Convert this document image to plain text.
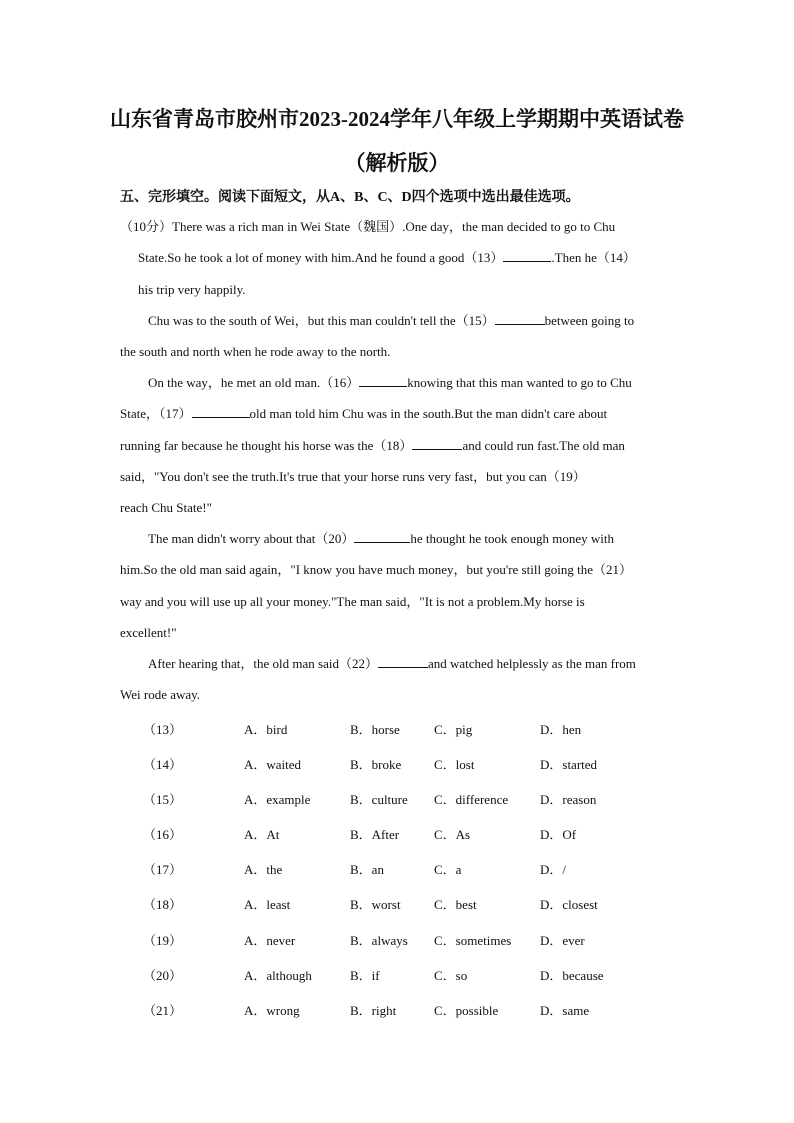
山东省青岛市胶州市2023-2024学年八年级上学期期中英语试卷
（解析版）
五、完形填空。阅读下面短文，从A、B、C、D四个选项中选出最佳选项。
（10分）There was a rich man in Wei State（魏国）.One day，the man decided to go to Chu
State.So he took a lot of money with him.And he found a good（13）	.Then he（14）
his trip very happily.
Chu was to the south of Wei，but this man couldn't tell the（15）	between going to
the south and north when he rode away to the north.
On the way，he met an old man.（16）	knowing that this man wanted to go to Chu
State，（17）	old man told him Chu was in the south.But the man didn't care about
running far because he thought his horse was the（18）	and could run fast.The old man
said，"You don't see the truth.It's true that your horse runs very fast，but you can（19）
reach Chu State!"
The man didn't worry about that（20）	he thought he took enough money with
him.So the old man said again，"I know you have much money，but you're still going the（21）
way and you will use up all your money."The man said，"It is not a problem.My horse is
excellent!"
After hearing that，the old man said（22）	and watched helplessly as the man from
Wei rode away.
（13）	A．bird	B．horse	C．pig	D．hen
（14）	A．waited	B．broke	C．lost	D．started
（15）	A．example	B．culture C．difference D．reason
（16）	A．At	B．After	C．As	D．Of
（17）	A．the	B．an	C．a	D．/
（18）	A．least	B．worst	C．best	D．closest
（19）	A．never	B．always C．sometimes D．ever
（20）	A．although	B．if	C．so	D．because
（21）	A．wrong	B．right	C．possible	D．same
